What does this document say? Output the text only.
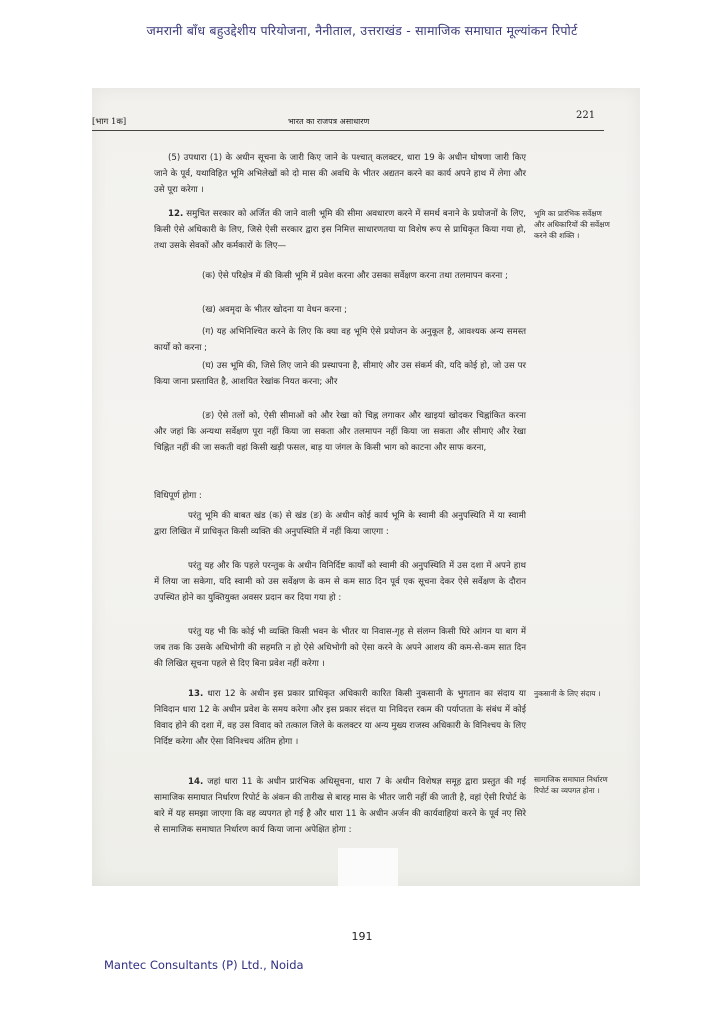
जमरानी बाँध बहुउद्देशीय परियोजना, नैनीताल, उत्तराखंड - सामाजिक समाघात मूल्यांकन रिपोर्ट
[भाग 1क]	भारत का राजपत्र असाधारण
221
(5) उपधारा (1) के अधीन सूचना के जारी किए जाने के पश्चात् कलक्टर, धारा 19 के अधीन घोषणा जारी किए जाने के पूर्व, यथाविहित भूमि अभिलेखों को दो मास की अवधि के भीतर अद्यतन करने का कार्य अपने हाथ में लेगा और उसे पूरा करेगा ।
12. समुचित सरकार को अर्जित की जाने वाली भूमि की सीमा अवधारण करने में समर्थ बनाने के प्रयोजनों के लिए, किसी ऐसे अधिकारी के लिए, जिसे ऐसी सरकार द्वारा इस निमित्त साधारणतया या विशेष रूप से प्राधिकृत किया गया हो, तथा उसके सेवकों और कर्मकारों के लिए—
भूमि का प्रारंभिक सर्वेक्षण और अधिकारियों की सर्वेक्षण करने की शक्ति ।
(क) ऐसे परिक्षेत्र में की किसी भूमि में प्रवेश करना और उसका सर्वेक्षण करना तथा तलमापन करना ;
(ख) अवमृदा के भीतर खोदना या वेधन करना ;
(ग) यह अभिनिश्चित करने के लिए कि क्या वह भूमि ऐसे प्रयोजन के अनुकूल है, आवश्यक अन्य समस्त कार्यों को करना ;
(घ) उस भूमि की, जिसे लिए जाने की प्रस्थापना है, सीमाएं और उस संकर्म की, यदि कोई हो, जो उस पर किया जाना प्रस्तावित है, आशयित रेखांक नियत करना; और
(ङ) ऐसे तलों को, ऐसी सीमाओं को और रेखा को चिह्न लगाकर और खाइयां खोदकर चिह्नांकित करना और जहां कि अन्यथा सर्वेक्षण पूरा नहीं किया जा सकता और तलमापन नहीं किया जा सकता और सीमाएं और रेखा चिह्नित नहीं की जा सकती वहां किसी खड़ी फसल, बाड़ या जंगल के किसी भाग को काटना और साफ करना,
विधिपूर्ण होगा :
परंतु भूमि की बाबत खंड (क) से खंड (ङ) के अधीन कोई कार्य भूमि के स्वामी की अनुपस्थिति में या स्वामी द्वारा लिखित में प्राधिकृत किसी व्यक्ति की अनुपस्थिति में नहीं किया जाएगा :
परंतु यह और कि पहले परन्तुक के अधीन विनिर्दिष्ट कार्यों को स्वामी की अनुपस्थिति में उस दशा में अपने हाथ में लिया जा सकेगा, यदि स्वामी को उस सर्वेक्षण के कम से कम साठ दिन पूर्व एक सूचना देकर ऐसे सर्वेक्षण के दौरान उपस्थित होने का युक्तियुक्त अवसर प्रदान कर दिया गया हो :
परंतु यह भी कि कोई भी व्यक्ति किसी भवन के भीतर या निवास-गृह से संलग्न किसी घिरे आंगन या बाग में जब तक कि उसके अधिभोगी की सहमति न हो ऐसे अधिभोगी को ऐसा करने के अपने आशय की कम-से-कम सात दिन की लिखित सूचना पहले से दिए बिना प्रवेश नहीं करेगा ।
13. धारा 12 के अधीन इस प्रकार प्राधिकृत अधिकारी कारित किसी नुकसानी के भुगतान का संदाय या निविदान धारा 12 के अधीन प्रवेश के समय करेगा और इस प्रकार संदत्त या निविदत्त रकम की पर्याप्तता के संबंध में कोई विवाद होने की दशा में, वह उस विवाद को तत्काल जिले के कलक्टर या अन्य मुख्य राजस्व अधिकारी के विनिश्चय के लिए निर्दिष्ट करेगा और ऐसा विनिश्चय अंतिम होगा ।
नुकसानी के लिए संदाय ।
14. जहां धारा 11 के अधीन प्रारंभिक अधिसूचना, धारा 7 के अधीन विशेषज्ञ समूह द्वारा प्रस्तुत की गई सामाजिक समाघात निर्धारण रिपोर्ट के अंकन की तारीख से बारह मास के भीतर जारी नहीं की जाती है, वहां ऐसी रिपोर्ट के बारे में यह समझा जाएगा कि वह व्यपगत हो गई है और धारा 11 के अधीन अर्जन की कार्यवाहियां करने के पूर्व नए सिरे से सामाजिक समाघात निर्धारण कार्य किया जाना अपेक्षित होगा :
सामाजिक समाघात निर्धारण रिपोर्ट का व्यपगत होना ।
191
Mantec Consultants (P) Ltd., Noida
